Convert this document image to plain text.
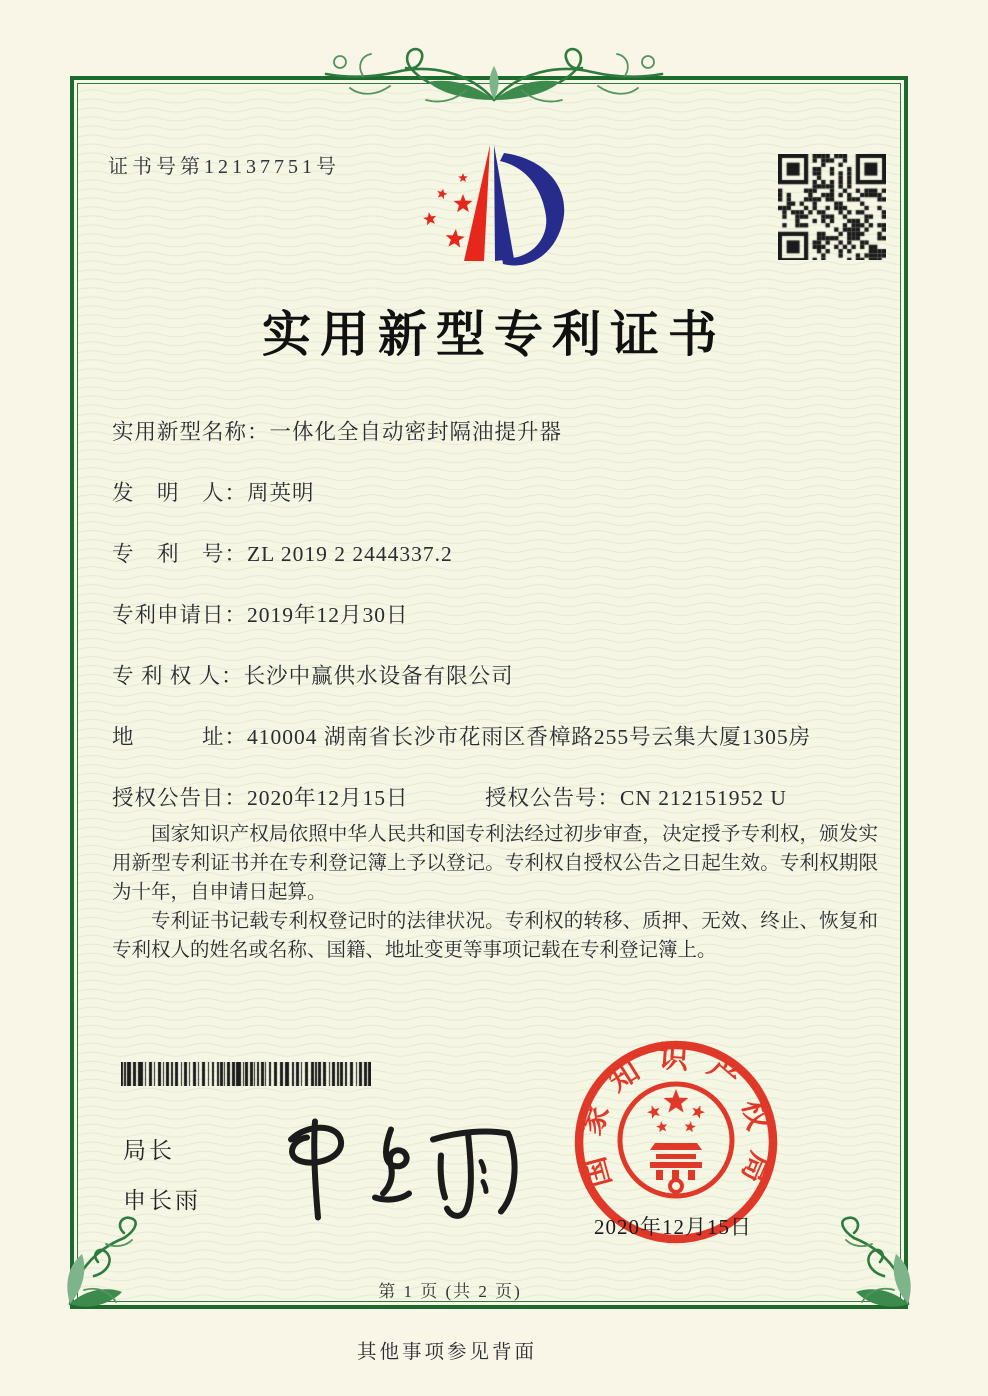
证书号第12137751号
实用新型专利证书
实用新型名称：一体化全自动密封隔油提升器
发　明　人：周英明
专　利　号：ZL 2019 2 2444337.2
专利申请日：2019年12月30日
专 利 权 人：长沙中赢供水设备有限公司
地　　　址：410004 湖南省长沙市花雨区香樟路255号云集大厦1305房
授权公告日：2020年12月15日	授权公告号：CN 212151952 U

国家知识产权局依照中华人民共和国专利法经过初步审查，决定授予专利权，颁发实用新型专利证书并在专利登记簿上予以登记。专利权自授权公告之日起生效。专利权期限为十年，自申请日起算。

专利证书记载专利权登记时的法律状况。专利权的转移、质押、无效、终止、恢复和专利权人的姓名或名称、国籍、地址变更等事项记载在专利登记簿上。

局长
申长雨
国家知识产权局
2020年12月15日
第 1 页 (共 2 页)
其他事项参见背面
